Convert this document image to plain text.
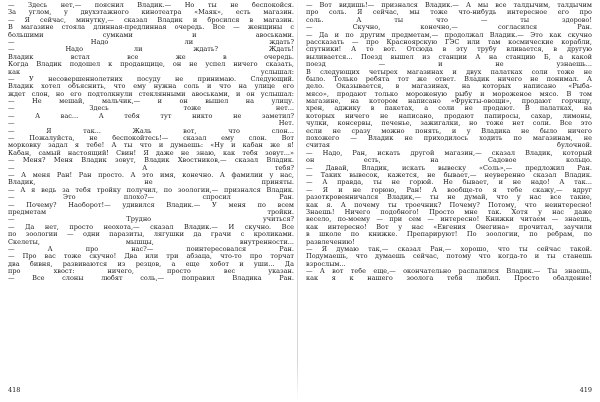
— Здесь нет,— пояснил Владик.— Но ты не беспокойся.
За углом, у двухэтажного кинотеатра «Маяк», есть магазин.
— Я сейчас, минутку,— сказал Владик и бросился в магазин.
В магазине стояла длинная-предлинная очередь. Все — женщины с
большими сумками и авоськами.
— Надо ли ждать?
— Надо ли ждать? Ждать!
Владик встал все же в очередь.
Когда Владик подошел к продавщице, он не успел ничего сказать,
как услышал:
— У несовершеннолетних посуду не принимаю. Следующий.
Владик хотел объяснить, что ему нужна соль и что на улице его
ждет слон, но его подтолкнули стеклянными авоськами, и он услышал:
— Не мешай, мальчик,— и он вышел на улицу.
— Здесь тоже нет...
— А вас... А тебя тут никто не заметил?
— Нет.
— Я так... Жаль вот, что слон...
— Пожалуйста, не беспокойтесь!— сказал ему слон. Вот
морковку задал я тебе! А ты что и думаешь: «Ну и кабан же я!
Кабан, самый настоящий! Свин! Я даже не знаю, как тебя зовут...»
— Меня? Меня Владик зовут, Владик Хвостников,— сказал Владик.
— А тебя?
— А меня Ран! Ран просто. А это имя, конечно. А фамилии у нас,
Владик, не приняты.
— А я ведь за тебя тройку получил, по зоологии,— признался Владик.
— Это плохо?— спросил Ран.
— Почему? Наоборот!— удивился Владик.— У меня по всем
предметам тройки.
— Трудно учиться?
— Да нет, просто неохота,— сказал Владик.— И скучно. Все
по зоологии — одни паразиты, лягушки да грачи с кроликами.
Скелеты, мышцы, внутренности...
— А про нас?— поинтересовался Ран.
— Про вас тоже скучно! Два или три абзаца, что-то про торчат
два бивня, развиваются из резцов, а еще хобот и уши... Да
про хвост: ничего, просто вес указан.
— Все слоны любят соль,— поправил Владика Ран.
— Вот видишь!— признался Владик.— А мы все талдычим, талдычим
про соль. Я сейчас, мы тоже что-нибудь интересное его про
соль. А ты что — ты здорово!
— Скучно, конечно,— согласился Ран.
— Да и по другим предметам,— продолжал Владик.— Это как скучно
рассказать — про Красноярскую ГЭС или там космические корабли,
спутники! А то вот. Отсюда в эту трубу вливается, в другую
выливается... Поезд вышел из станции А на станцию Б, а какой
поезд — и не узнаешь...
В следующих четырех магазинах и двух палатках соли тоже не
было. Только ребята тот же ответ. Владик ничего не понимал. А
дело. Оказывается, в магазинах, на которых написано «Рыба-
мясо», продают только мороженую рыбу и мороженое мясо. В том
магазине, на котором написано «Фрукты-овощи», продают горчицу,
хрен, аджику в пакетах, а соли не продают. В палатках, на
которых ничего не написано, продают папиросы, сахар, лимоны,
чулки, консервы, печенье, зажигалки, но тоже нет соли. Все это
если не сразу можно понять, и у Владика не было ничего
похожего — Владик не приходилось ходить по магазинам, не
считая булочной.
— Надо, Ран, искать другой магазин,— сказал Владик, который
он есть, на Садовое кольцо.
— Давай, Владик, искать вывеску «Соль»,— предложил Ран.
— Таких вывесок, кажется, не бывает,— неуверенно сказал Владик.
— А правда, ты не горюй. Не бывает, и не надо! А так...
— Я и не горюю, Ран! А вообще-то я тебе скажу,— вдруг
разоткровенничался Владик,— ты не думай, что у нас все такие,
как я. А почему ты троечник? Почему? Потому, что неинтересно!
Знаешь! Ничего подобного! Просто мне так. Хотя у нас даже
весело, по-моему — при сем — интересно! Книжки читаем — знаешь,
как интересно! Вот у нас «Евгения Онегина» прочитал, заучили
в школе по книжке. Препарируют! По зоологии, по ребрам, по
развлечению!
— Я думаю так,— сказал Ран,— хорошо, что ты сейчас такой.
Подумаешь, что думаешь сейчас, потому что когда-то и ты станешь
взрослым...
— А вот тебе еще,— окончательно распалился Владик.— Ты знаешь,
как я к нашего зоолога тебя любил. Просто обалдение!
418	419
